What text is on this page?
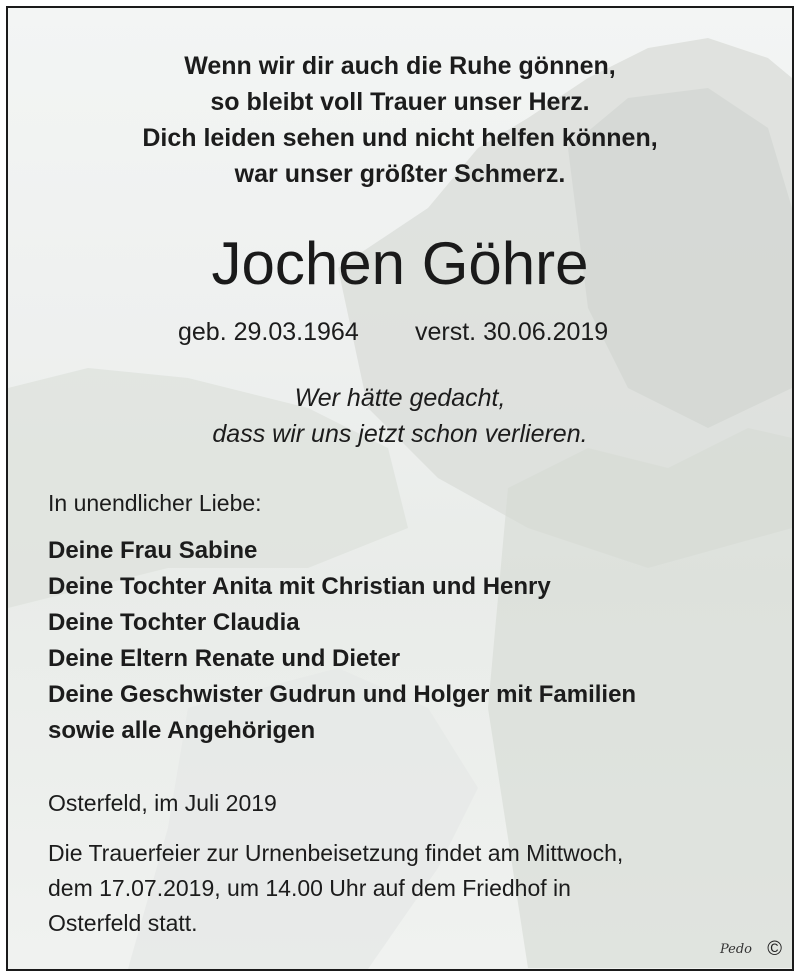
Wenn wir dir auch die Ruhe gönnen,
so bleibt voll Trauer unser Herz.
Dich leiden sehen und nicht helfen können,
war unser größter Schmerz.
Jochen Göhre
geb. 29.03.1964 verst. 30.06.2019
Wer hätte gedacht,
dass wir uns jetzt schon verlieren.
In unendlicher Liebe:
Deine Frau Sabine
Deine Tochter Anita mit Christian und Henry
Deine Tochter Claudia
Deine Eltern Renate und Dieter
Deine Geschwister Gudrun und Holger mit Familien
sowie alle Angehörigen
Osterfeld, im Juli 2019
Die Trauerfeier zur Urnenbeisetzung findet am Mittwoch,
dem 17.07.2019, um 14.00 Uhr auf dem Friedhof in
Osterfeld statt.
Pedo ©
